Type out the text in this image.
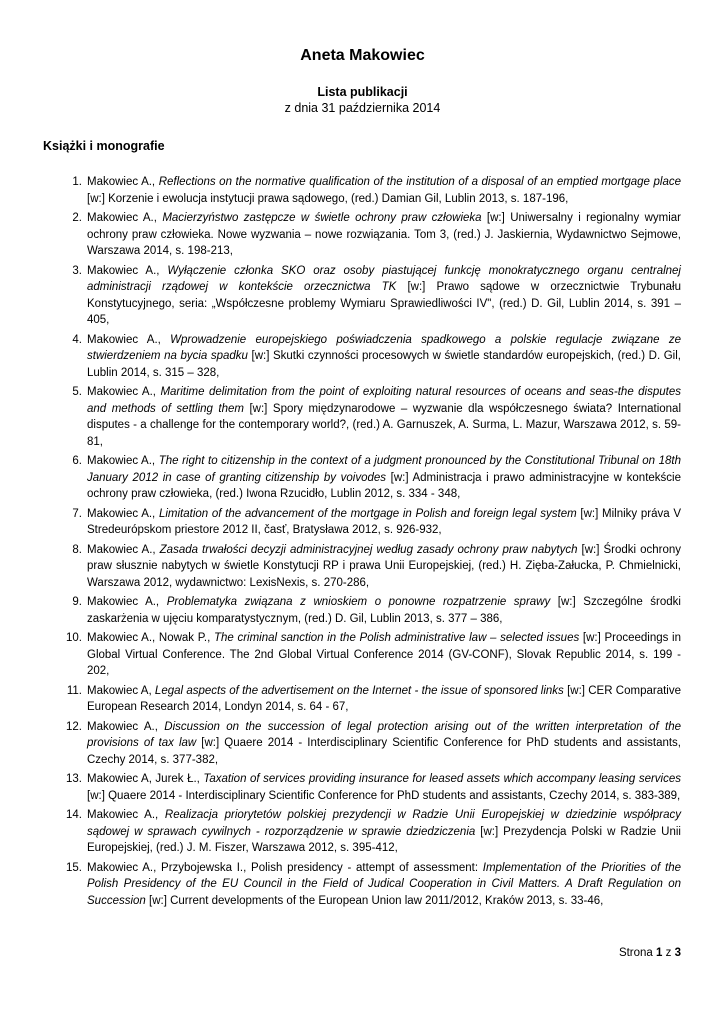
Aneta Makowiec
Lista publikacji
z dnia 31 października 2014
Książki i monografie
1 . Makowiec A., Reflections on the normative qualification of the institution of a disposal of an emptied mortgage place [w:] Korzenie i ewolucja instytucji prawa sądowego, (red.) Damian Gil, Lublin 2013, s. 187-196,
2 . Makowiec A., Macierzyństwo zastępcze w świetle ochrony praw człowieka [w:] Uniwersalny i regionalny wymiar ochrony praw człowieka. Nowe wyzwania – nowe rozwiązania. Tom 3, (red.) J. Jaskiernia, Wydawnictwo Sejmowe, Warszawa 2014, s. 198-213,
3 . Makowiec A., Wyłączenie członka SKO oraz osoby piastującej funkcję monokratycznego organu centralnej administracji rządowej w kontekście orzecznictwa TK [w:] Prawo sądowe w orzecznictwie Trybunału Konstytucyjnego, seria: „Współczesne problemy Wymiaru Sprawiedliwości IV", (red.) D. Gil, Lublin 2014, s. 391 – 405,
4 . Makowiec A., Wprowadzenie europejskiego poświadczenia spadkowego a polskie regulacje związane ze stwierdzeniem na bycia spadku [w:] Skutki czynności procesowych w świetle standardów europejskich, (red.) D. Gil, Lublin 2014, s. 315 – 328,
5 . Makowiec A., Maritime delimitation from the point of exploiting natural resources of oceans and seas-the disputes and methods of settling them [w:] Spory międzynarodowe – wyzwanie dla współczesnego świata? International disputes - a challenge for the contemporary world?, (red.) A. Garnuszek, A. Surma, L. Mazur, Warszawa 2012, s. 59- 81,
6 . Makowiec A., The right to citizenship in the context of a judgment pronounced by the Constitutional Tribunal on 18th January 2012 in case of granting citizenship by voivodes [w:] Administracja i prawo administracyjne w kontekście ochrony praw człowieka, (red.) Iwona Rzucidło, Lublin 2012, s. 334 - 348,
7 . Makowiec A., Limitation of the advancement of the mortgage in Polish and foreign legal system [w:] Milniky práva V Stredeurópskom priestore 2012 II, časť, Bratysława 2012, s. 926-932,
8 . Makowiec A., Zasada trwałości decyzji administracyjnej według zasady ochrony praw nabytych [w:] Środki ochrony praw słusznie nabytych w świetle Konstytucji RP i prawa Unii Europejskiej, (red.) H. Zięba-Załucka, P. Chmielnicki, Warszawa 2012, wydawnictwo: LexisNexis, s. 270-286,
9 . Makowiec A., Problematyka związana z wnioskiem o ponowne rozpatrzenie sprawy [w:] Szczególne środki zaskarżenia w ujęciu komparatystycznym, (red.) D. Gil, Lublin 2013, s. 377 – 386,
10 . Makowiec A., Nowak P., The criminal sanction in the Polish administrative law – selected issues [w:] Proceedings in Global Virtual Conference. The 2nd Global Virtual Conference 2014 (GV-CONF), Slovak Republic 2014, s. 199 - 202,
11 . Makowiec A, Legal aspects of the advertisement on the Internet - the issue of sponsored links [w:] CER Comparative European Research 2014, Londyn 2014, s. 64 - 67,
12 . Makowiec A., Discussion on the succession of legal protection arising out of the written interpretation of the provisions of tax law [w:] Quaere 2014 - Interdisciplinary Scientific Conference for PhD students and assistants, Czechy 2014, s. 377-382,
13 . Makowiec A, Jurek Ł., Taxation of services providing insurance for leased assets which accompany leasing services [w:] Quaere 2014 - Interdisciplinary Scientific Conference for PhD students and assistants, Czechy 2014, s. 383-389,
14 . Makowiec A., Realizacja priorytetów polskiej prezydencji w Radzie Unii Europejskiej w dziedzinie współpracy sądowej w sprawach cywilnych - rozporządzenie w sprawie dziedziczenia [w:] Prezydencja Polski w Radzie Unii Europejskiej, (red.) J. M. Fiszer, Warszawa 2012, s. 395-412,
15 . Makowiec A., Przybojewska I., Polish presidency - attempt of assessment: Implementation of the Priorities of the Polish Presidency of the EU Council in the Field of Judical Cooperation in Civil Matters. A Draft Regulation on Succession [w:] Current developments of the European Union law 2011/2012, Kraków 2013, s. 33-46,
Strona 1 z 3
